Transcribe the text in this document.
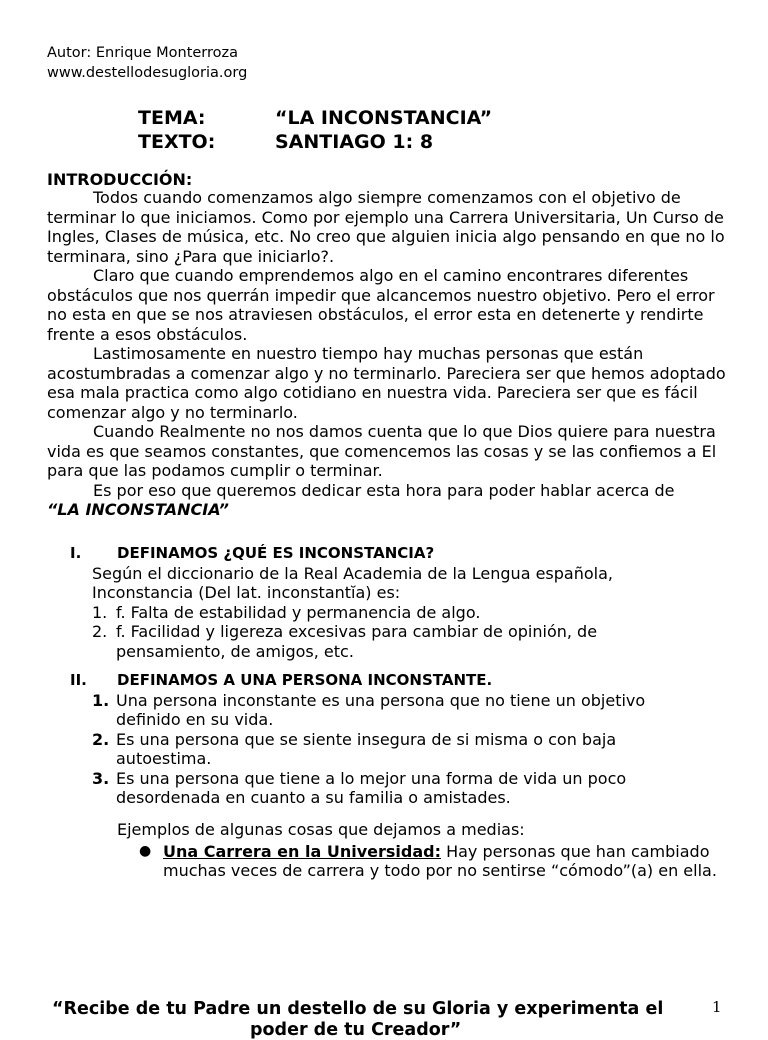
Autor: Enrique Monterroza
www.destellodesugloria.org
TEMA:	“LA INCONSTANCIA”
TEXTO:	SANTIAGO 1: 8
INTRODUCCIÓN:

Todos cuando comenzamos algo siempre comenzamos con el objetivo de terminar lo que iniciamos. Como por ejemplo una Carrera Universitaria, Un Curso de Ingles, Clases de música, etc. No creo que alguien inicia algo pensando en que no lo terminara, sino ¿Para que iniciarlo?.

Claro que cuando emprendemos algo en el camino encontrares diferentes obstáculos que nos querrán impedir que alcancemos nuestro objetivo. Pero el error no esta en que se nos atraviesen obstáculos, el error esta en detenerte y rendirte frente a esos obstáculos.

Lastimosamente en nuestro tiempo hay muchas personas que están acostumbradas a comenzar algo y no terminarlo. Pareciera ser que hemos adoptado esa mala practica como algo cotidiano en nuestra vida. Pareciera ser que es fácil comenzar algo y no terminarlo.

Cuando Realmente no nos damos cuenta que lo que Dios quiere para nuestra vida es que seamos constantes, que comencemos las cosas y se las confiemos a El para que las podamos cumplir o terminar.

Es por eso que queremos dedicar esta hora para poder hablar acerca de

“LA INCONSTANCIA”
I. DEFINAMOS ¿QUÉ ES INCONSTANCIA?
Según el diccionario de la Real Academia de la Lengua española,
Inconstancia (Del lat. inconstantĭa) es:
1. f. Falta de estabilidad y permanencia de algo.
2. f. Facilidad y ligereza excesivas para cambiar de opinión, de pensamiento, de amigos, etc.
II. DEFINAMOS A UNA PERSONA INCONSTANTE.
1. Una persona inconstante es una persona que no tiene un objetivo definido en su vida.
2. Es una persona que se siente insegura de si misma o con baja autoestima.
3. Es una persona que tiene a lo mejor una forma de vida un poco desordenada en cuanto a su familia o amistades.
Ejemplos de algunas cosas que dejamos a medias:
● Una Carrera en la Universidad: Hay personas que han cambiado muchas veces de carrera y todo por no sentirse “cómodo”(a) en ella.
“Recibe de tu Padre un destello de su Gloria y experimenta el
poder de tu Creador”
1
